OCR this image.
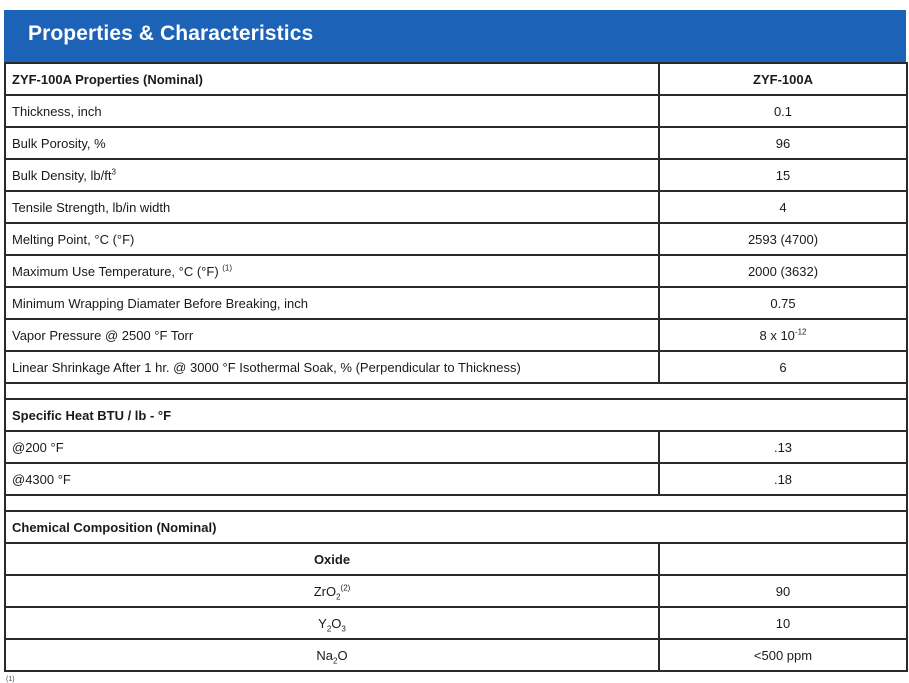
Properties & Characteristics
ZYF-100A Properties (Nominal)	ZYF-100A
Thickness, inch	0.1
Bulk Porosity, %	96
Bulk Density, $lb/ft^3$	15
Tensile Strength, lb/in width	4
Melting Point, °C (°F)	2593 (4700)
Maximum Use Temperature, °C (°F) $^{(1)}$	2000 (3632)
Minimum Wrapping Diamater Before Breaking, inch	0.75
Vapor Pressure @ 2500 °F Torr	8 x $10^{-12}$
Linear Shrinkage After 1 hr. @ 3000 °F Isothermal Soak, % (Perpendicular to Thickness)	6

Specific Heat BTU / lb - °F	
@200 °F	.13
@4300 °F	.18

Chemical Composition (Nominal)	
Oxide	
ZrO$_2^{(2)}$	90
$Y_2O_3$	10
$Na_2O$	<500 ppm
(1)
